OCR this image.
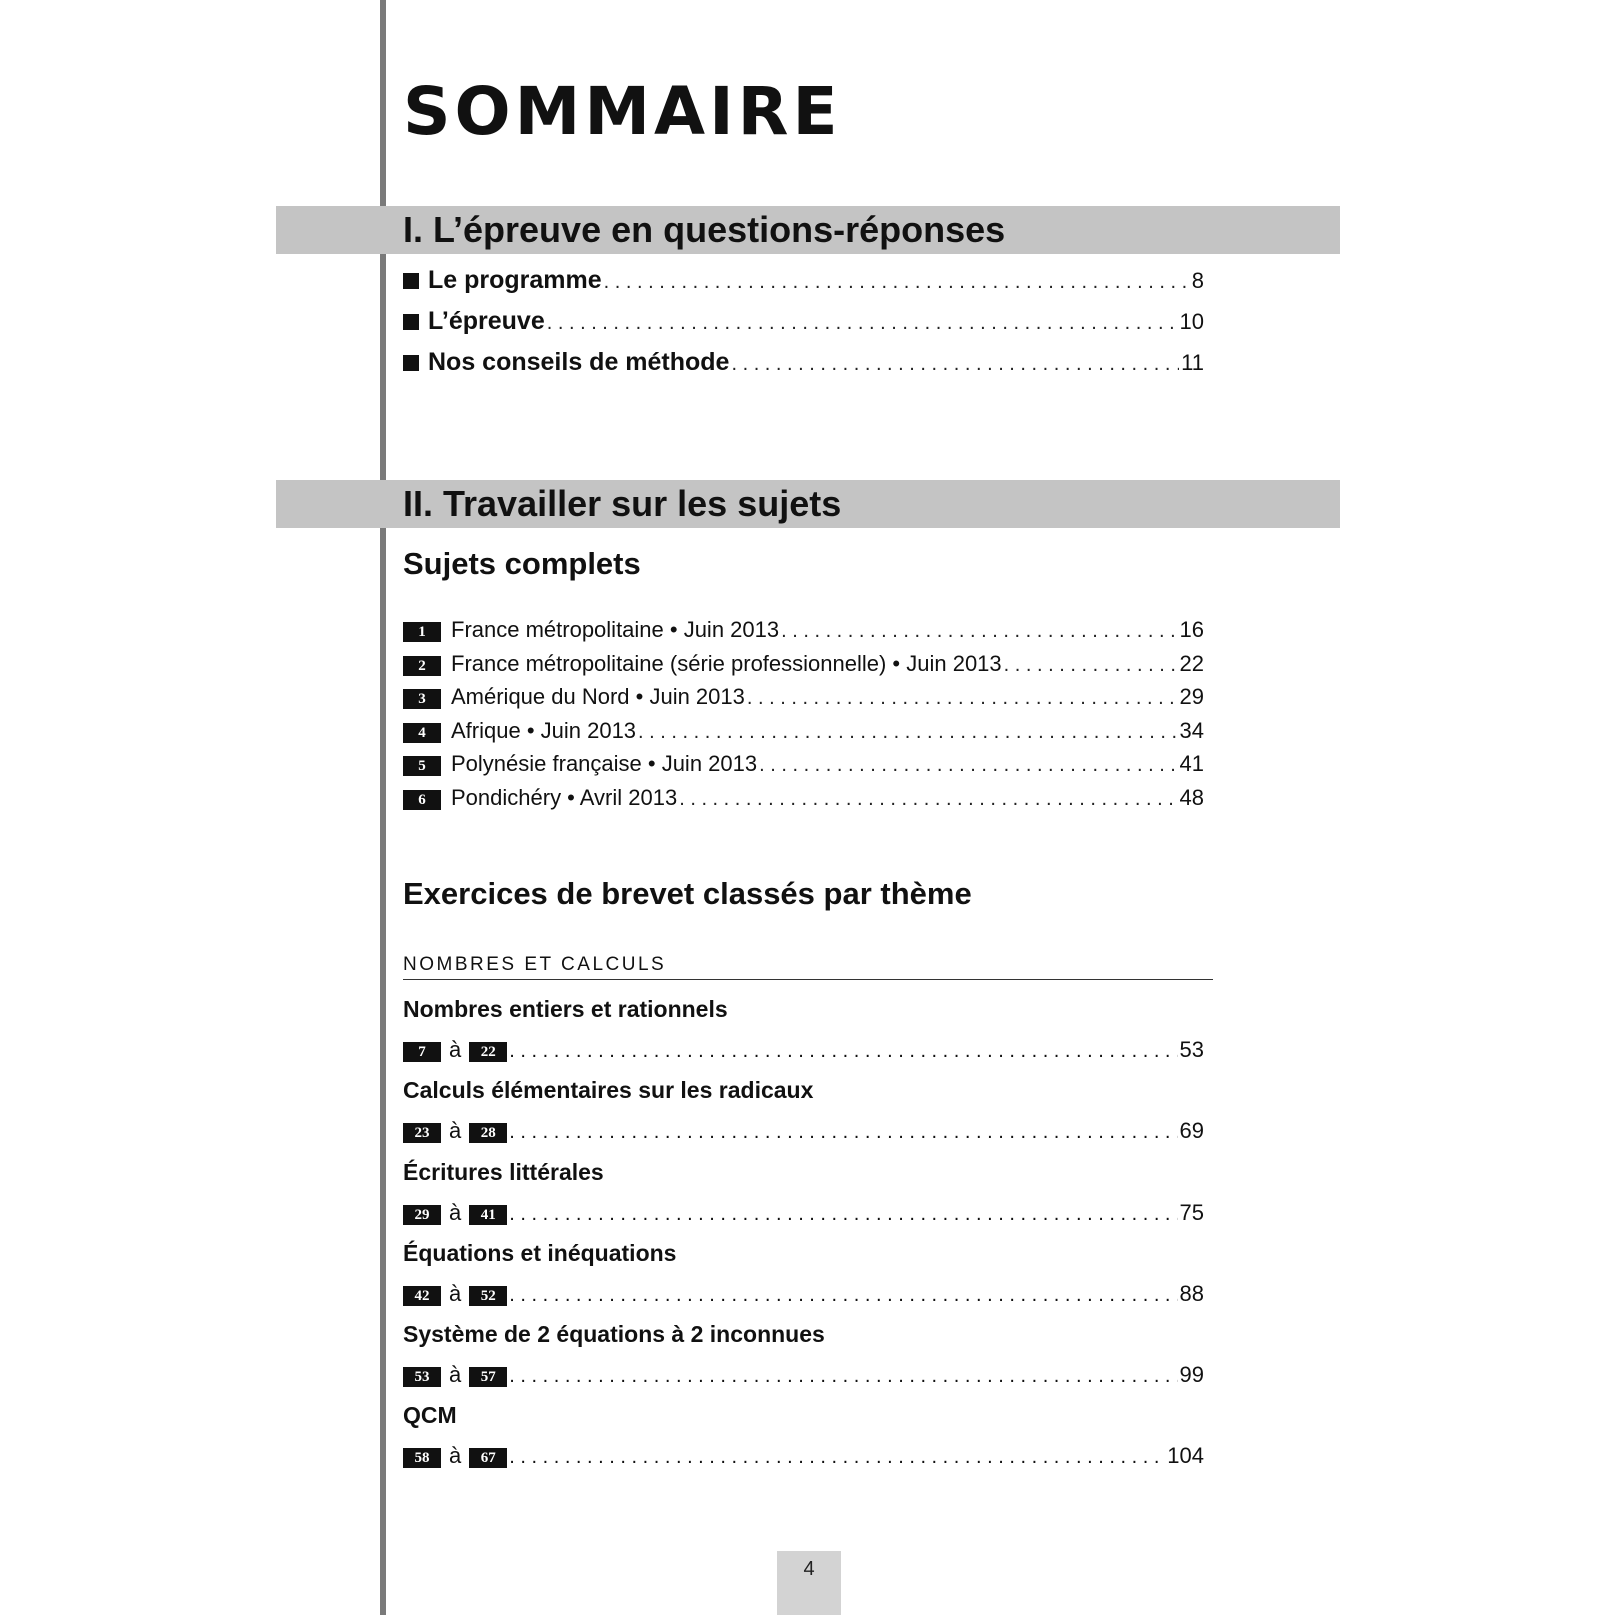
SOMMAIRE
I. L’épreuve en questions-réponses
Le programme . . .	8
L’épreuve . . .	10
Nos conseils de méthode . . .	11
II. Travailler sur les sujets
Sujets complets
1	France métropolitaine • Juin 2013 . . .	16
2	France métropolitaine (série professionnelle) • Juin 2013 . . .	22
3	Amérique du Nord • Juin 2013 . . .	29
4	Afrique • Juin 2013 . . .	34
5	Polynésie française • Juin 2013 . . .	41
6	Pondichéry • Avril 2013 . . .	48
Exercices de brevet classés par thème
NOMBRES ET CALCULS
Nombres entiers et rationnels
7	à	22 . . .	53
Calculs élémentaires sur les radicaux
23 à	28 . . .	69
Écritures littérales
29 à	41 . . .	75
Équations et inéquations
42 à	52 . . .	88
Système de 2 équations à 2 inconnues
53 à	57 . . .	99
QCM
58 à	67 . . .	104
4
